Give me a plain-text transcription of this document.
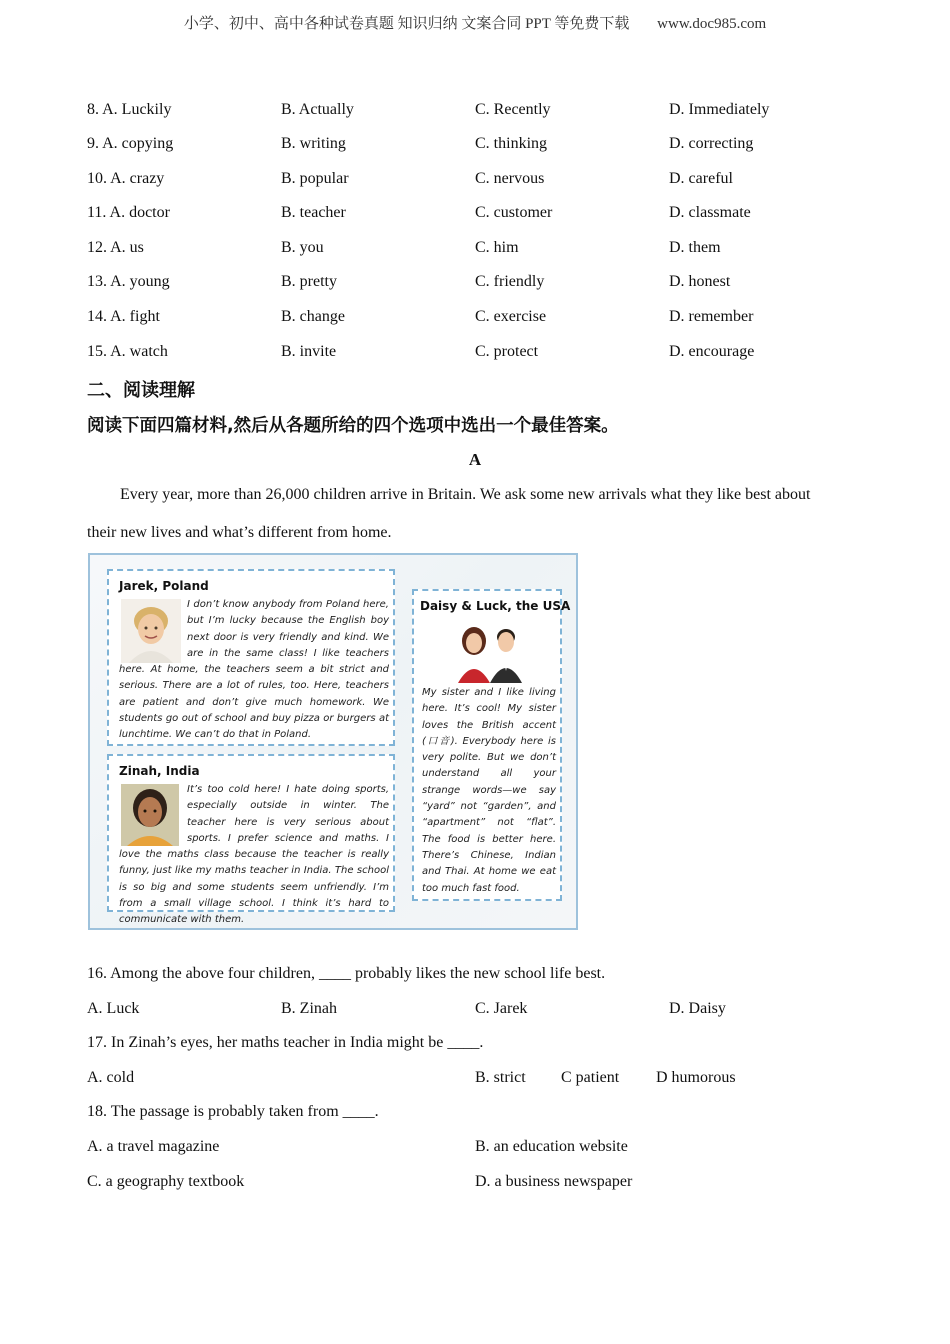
小学、初中、高中各种试卷真题 知识归纳 文案合同 PPT 等免费下载 www.doc985.com
8. A. Luckily	B. Actually	C. Recently	D. Immediately
9. A. copying	B. writing	C. thinking	D. correcting
10. A. crazy	B. popular	C. nervous	D. careful
11. A. doctor	B. teacher	C. customer	D. classmate
12. A. us	B. you	C. him	D. them
13. A. young	B. pretty	C. friendly	D. honest
14. A. fight	B. change	C. exercise	D. remember
15. A. watch	B. invite	C. protect	D. encourage
二、阅读理解
阅读下面四篇材料,然后从各题所给的四个选项中选出一个最佳答案。
A
Every year, more than 26,000 children arrive in Britain. We ask some new arrivals what they like best about
their new lives and what’s different from home.
Jarek, Poland
I don’t know anybody from Poland here, but I’m lucky because the English boy next door is very friendly and kind. We are in the same class! I like teachers here. At home, the teachers seem a bit strict and serious. There are a lot of rules, too. Here, teachers are patient and don’t give much homework. We students go out of school and buy pizza or burgers at lunchtime. We can’t do that in Poland.
Zinah, India
It’s too cold here! I hate doing sports, especially outside in winter. The teacher here is very serious about sports. I prefer science and maths. I love the maths class because the teacher is really funny, just like my maths teacher in India. The school is so big and some students seem unfriendly. I’m from a small village school. I think it’s hard to communicate with them.
Daisy & Luck, the USA
My sister and I like living here. It’s cool! My sister loves the British accent (口音). Everybody here is very polite. But we don’t understand all your strange words—we say “yard” not “garden”, and “apartment” not “flat”. The food is better here. There’s Chinese, Indian and Thai. At home we eat too much fast food.
16. Among the above four children, ____ probably likes the new school life best.
A. Luck	B. Zinah	C. Jarek	D. Daisy
17. In Zinah’s eyes, her maths teacher in India might be ____.
A. cold	B. strict C patient D humorous
18. The passage is probably taken from ____.
A. a travel magazine	B. an education website
C. a geography textbook	D. a business newspaper
